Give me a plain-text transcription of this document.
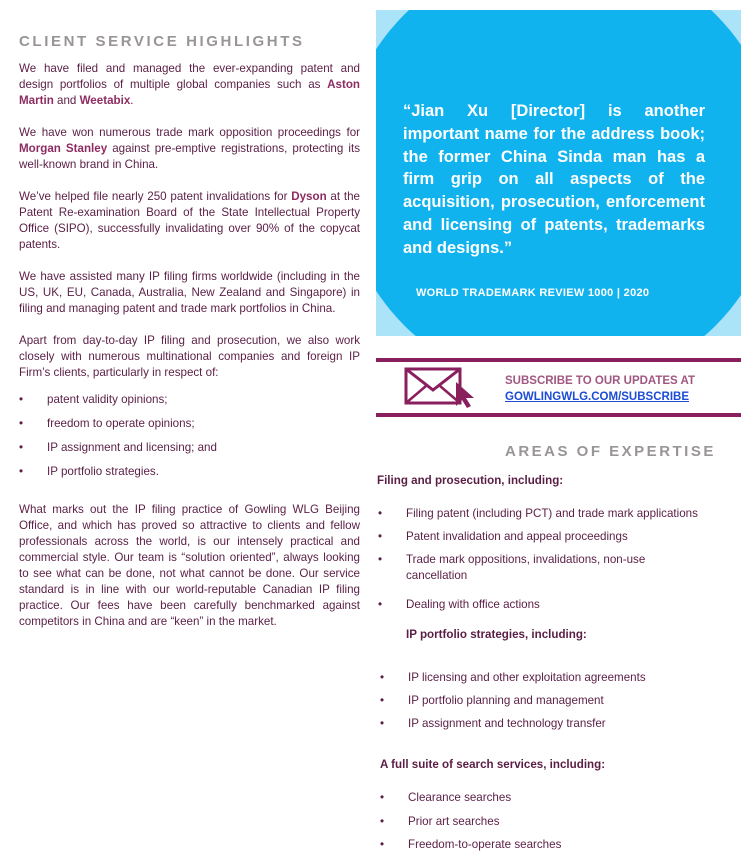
CLIENT SERVICE HIGHLIGHTS

We have filed and managed the ever-expanding patent and design portfolios of multiple global companies such as Aston Martin and Weetabix.

We have won numerous trade mark opposition proceedings for Morgan Stanley against pre-emptive registrations, protecting its well-known brand in China.

We’ve helped file nearly 250 patent invalidations for Dyson at the Patent Re-examination Board of the State Intellectual Property Office (SIPO), successfully invalidating over 90% of the copycat patents.

We have assisted many IP filing firms worldwide (including in the US, UK, EU, Canada, Australia, New Zealand and Singapore) in filing and managing patent and trade mark portfolios in China.

Apart from day-to-day IP filing and prosecution, we also work closely with numerous multinational companies and foreign IP Firm’s clients, particularly in respect of:

• patent validity opinions;
• freedom to operate opinions;
• IP assignment and licensing; and
• IP portfolio strategies.

What marks out the IP filing practice of Gowling WLG Beijing Office, and which has proved so attractive to clients and fellow professionals across the world, is our intensely practical and commercial style. Our team is “solution oriented”, always looking to see what can be done, not what cannot be done. Our service standard is in line with our world-reputable Canadian IP filing practice. Our fees have been carefully benchmarked against competitors in China and are “keen” in the market.

“Jian Xu [Director] is another important name for the address book; the former China Sinda man has a firm grip on all aspects of the acquisition, prosecution, enforcement and licensing of patents, trademarks and designs.”
WORLD TRADEMARK REVIEW 1000 | 2020
SUBSCRIBE TO OUR UPDATES AT
GOWLINGWLG.COM/SUBSCRIBE
AREAS OF EXPERTISE
Filing and prosecution, including:
• Filing patent (including PCT) and trade mark applications
• Patent invalidation and appeal proceedings
• Trade mark oppositions, invalidations, non-use cancellation
• Dealing with office actions
IP portfolio strategies, including:
• IP licensing and other exploitation agreements
• IP portfolio planning and management
• IP assignment and technology transfer
A full suite of search services, including:
• Clearance searches
• Prior art searches
• Freedom-to-operate searches
